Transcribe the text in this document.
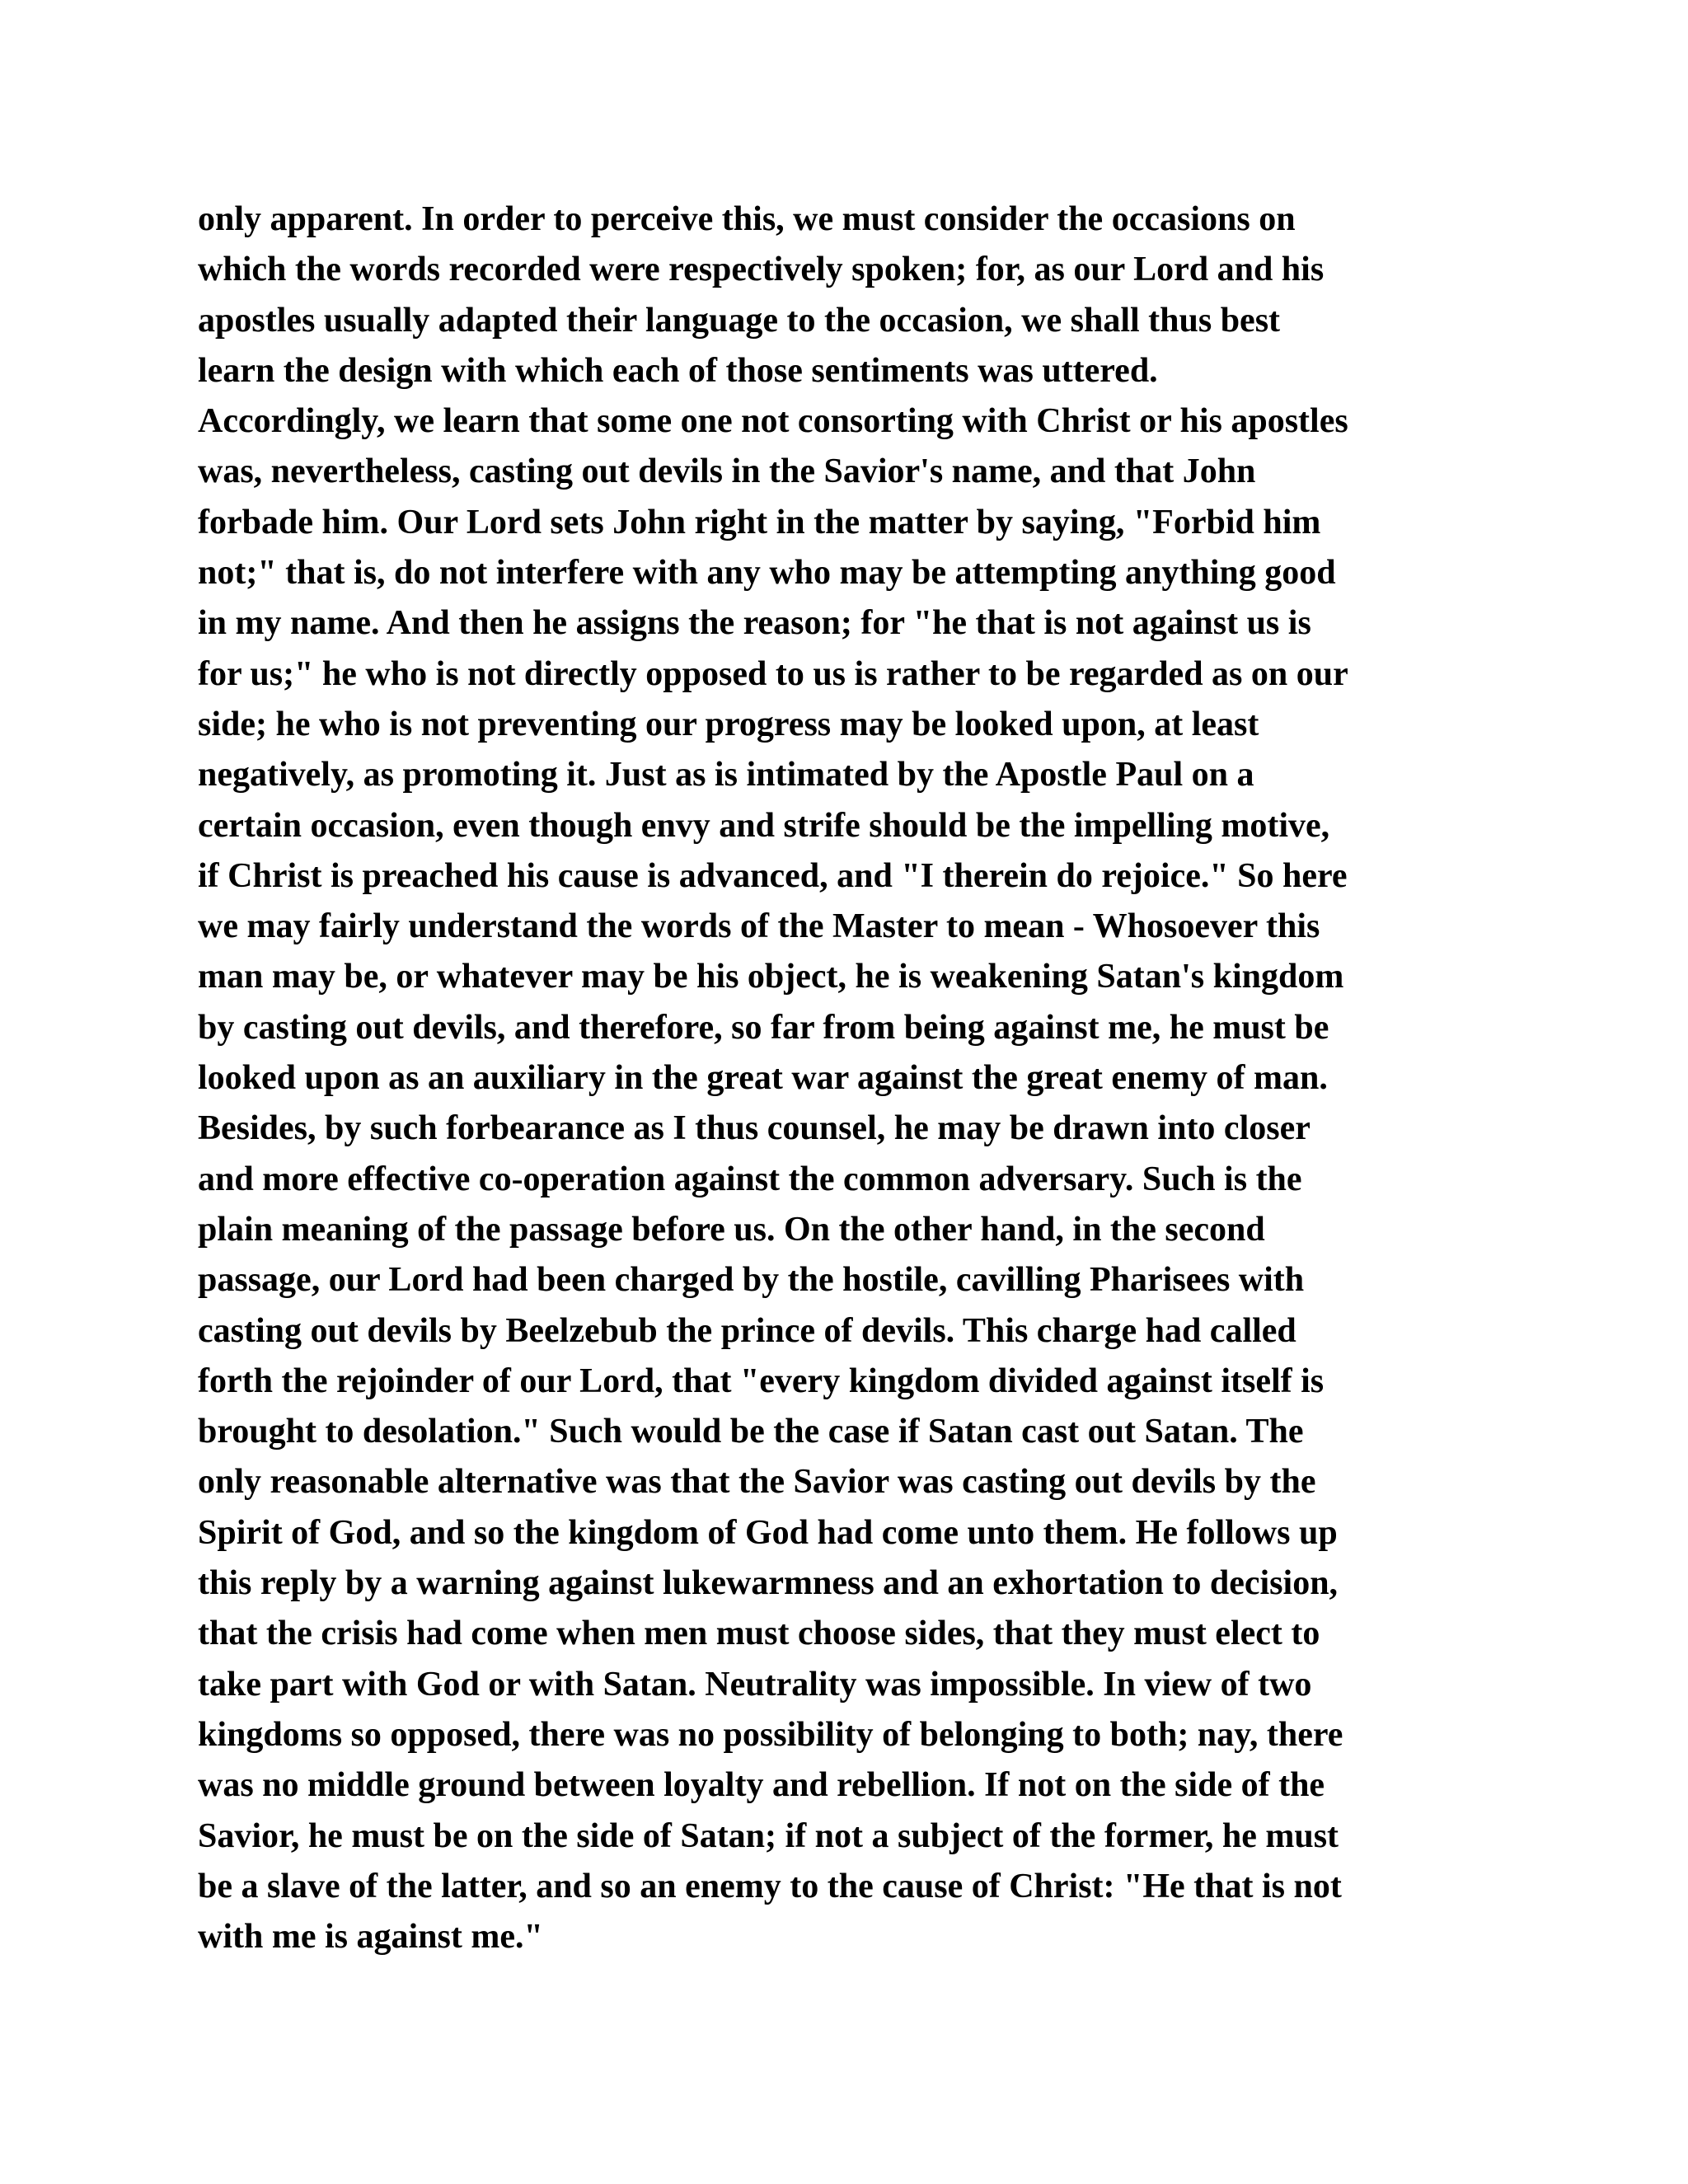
only apparent. In order to perceive this, we must consider the occasions on
which the words recorded were respectively spoken; for, as our Lord and his
apostles usually adapted their language to the occasion, we shall thus best
learn the design with which each of those sentiments was uttered.
Accordingly, we learn that some one not consorting with Christ or his apostles
was, nevertheless, casting out devils in the Savior's name, and that John
forbade him. Our Lord sets John right in the matter by saying, "Forbid him
not;" that is, do not interfere with any who may be attempting anything good
in my name. And then he assigns the reason; for "he that is not against us is
for us;" he who is not directly opposed to us is rather to be regarded as on our
side; he who is not preventing our progress may be looked upon, at least
negatively, as promoting it. Just as is intimated by the Apostle Paul on a
certain occasion, even though envy and strife should be the impelling motive,
if Christ is preached his cause is advanced, and "I therein do rejoice." So here
we may fairly understand the words of the Master to mean - Whosoever this
man may be, or whatever may be his object, he is weakening Satan's kingdom
by casting out devils, and therefore, so far from being against me, he must be
looked upon as an auxiliary in the great war against the great enemy of man.
Besides, by such forbearance as I thus counsel, he may be drawn into closer
and more effective co-operation against the common adversary. Such is the
plain meaning of the passage before us. On the other hand, in the second
passage, our Lord had been charged by the hostile, cavilling Pharisees with
casting out devils by Beelzebub the prince of devils. This charge had called
forth the rejoinder of our Lord, that "every kingdom divided against itself is
brought to desolation." Such would be the case if Satan cast out Satan. The
only reasonable alternative was that the Savior was casting out devils by the
Spirit of God, and so the kingdom of God had come unto them. He follows up
this reply by a warning against lukewarmness and an exhortation to decision,
that the crisis had come when men must choose sides, that they must elect to
take part with God or with Satan. Neutrality was impossible. In view of two
kingdoms so opposed, there was no possibility of belonging to both; nay, there
was no middle ground between loyalty and rebellion. If not on the side of the
Savior, he must be on the side of Satan; if not a subject of the former, he must
be a slave of the latter, and so an enemy to the cause of Christ: "He that is not
with me is against me."
